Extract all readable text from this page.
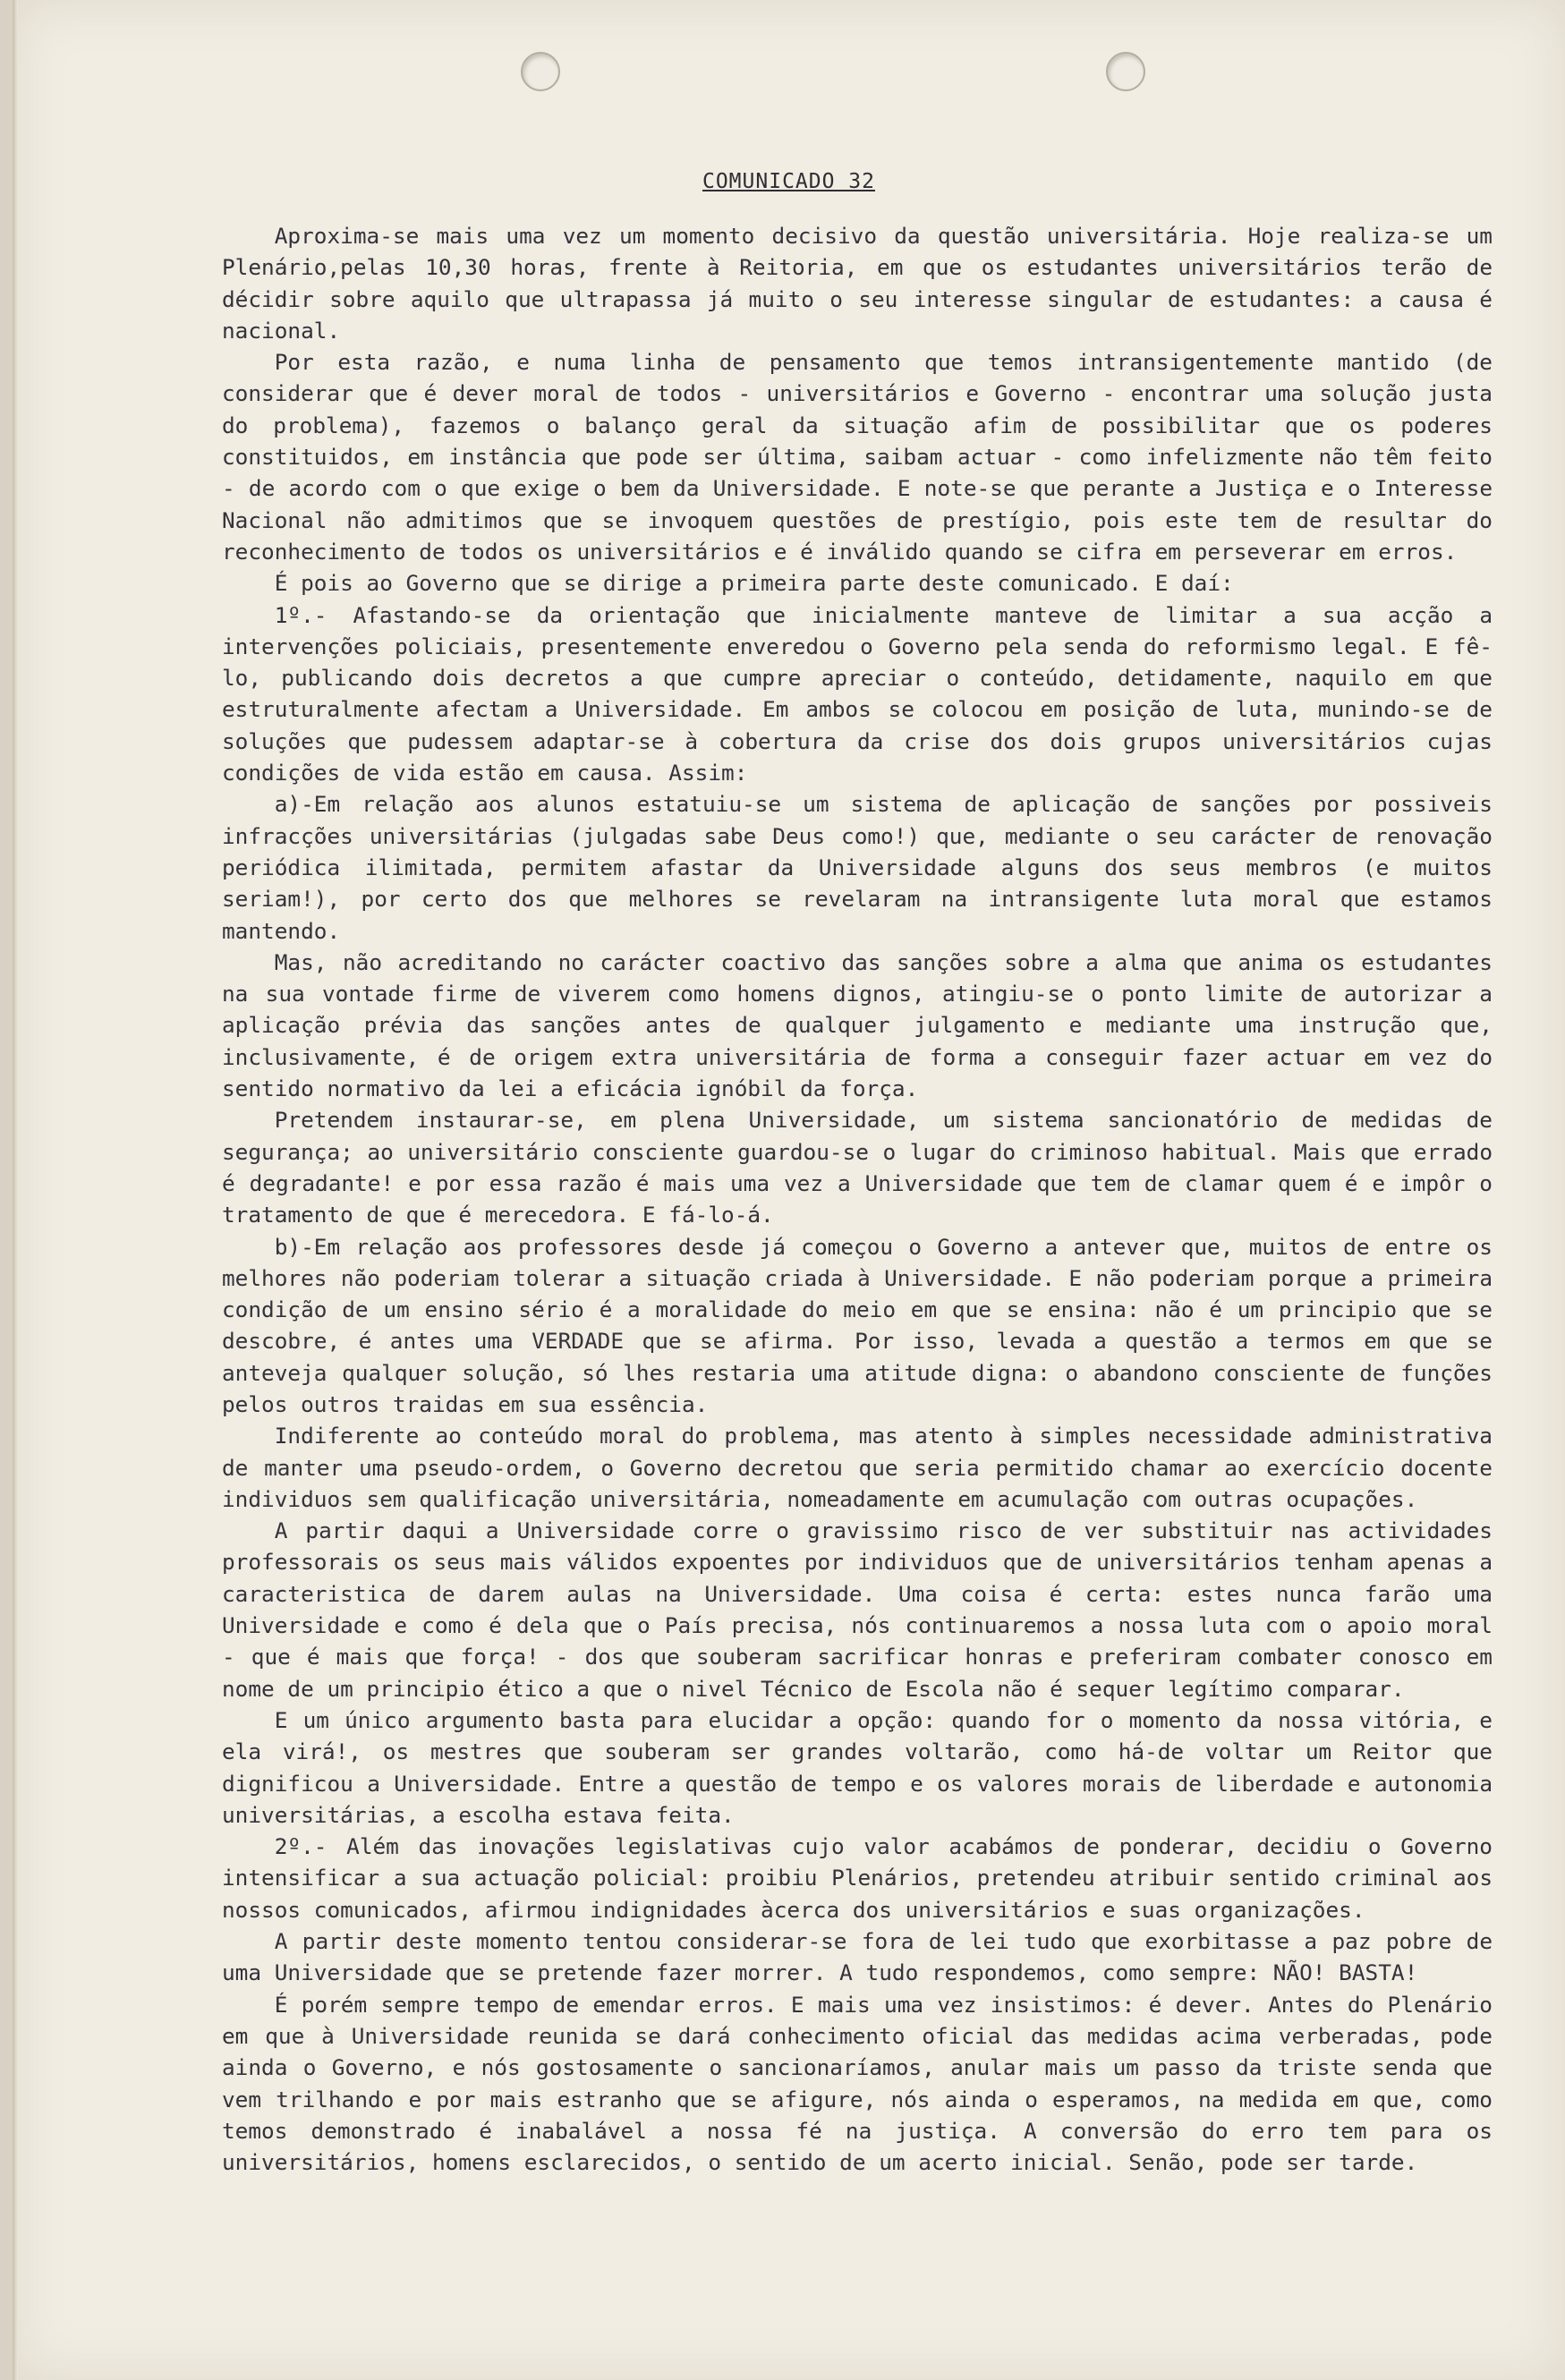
COMUNICADO 32

Aproxima-se mais uma vez um momento decisivo da questão universitária. Hoje realiza-se um Plenário,pelas 10,30 horas, frente à Reitoria, em que os estudantes universitários terão de décidir sobre aquilo que ultrapassa já muito o seu interesse singular de estudantes: a causa é nacional.

Por esta razão, e numa linha de pensamento que temos intransigentemente mantido (de considerar que é dever moral de todos - universitários e Governo - encontrar uma solução justa do problema), fazemos o balanço geral da situação afim de possibilitar que os poderes constituidos, em instância que pode ser última, saibam actuar - como infelizmente não têm feito - de acordo com o que exige o bem da Universidade. E note-se que perante a Justiça e o Interesse Nacional não admitimos que se invoquem questões de prestígio, pois este tem de resultar do reconhecimento de todos os universitários e é inválido quando se cifra em perseverar em erros.

É pois ao Governo que se dirige a primeira parte deste comunicado. E daí:

1º.- Afastando-se da orientação que inicialmente manteve de limitar a sua acção a intervenções policiais, presentemente enveredou o Governo pela senda do reformismo legal. E fê-lo, publicando dois decretos a que cumpre apreciar o conteúdo, detidamente, naquilo em que estruturalmente afectam a Universidade. Em ambos se colocou em posição de luta, munindo-se de soluções que pudessem adaptar-se à cobertura da crise dos dois grupos universitários cujas condições de vida estão em causa. Assim:

a)-Em relação aos alunos estatuiu-se um sistema de aplicação de sanções por possiveis infracções universitárias (julgadas sabe Deus como!) que, mediante o seu carácter de renovação periódica ilimitada, permitem afastar da Universidade alguns dos seus membros (e muitos seriam!), por certo dos que melhores se revelaram na intransigente luta moral que estamos mantendo.

Mas, não acreditando no carácter coactivo das sanções sobre a alma que anima os estudantes na sua vontade firme de viverem como homens dignos, atingiu-se o ponto limite de autorizar a aplicação prévia das sanções antes de qualquer julgamento e mediante uma instrução que, inclusivamente, é de origem extra universitária de forma a conseguir fazer actuar em vez do sentido normativo da lei a eficácia ignóbil da força.

Pretendem instaurar-se, em plena Universidade, um sistema sancionatório de medidas de segurança; ao universitário consciente guardou-se o lugar do criminoso habitual. Mais que errado é degradante! e por essa razão é mais uma vez a Universidade que tem de clamar quem é e impôr o tratamento de que é merecedora. E fá-lo-á.

b)-Em relação aos professores desde já começou o Governo a antever que, muitos de entre os melhores não poderiam tolerar a situação criada à Universidade. E não poderiam porque a primeira condição de um ensino sério é a moralidade do meio em que se ensina: não é um principio que se descobre, é antes uma VERDADE que se afirma. Por isso, levada a questão a termos em que se anteveja qualquer solução, só lhes restaria uma atitude digna: o abandono consciente de funções pelos outros traidas em sua essência.

Indiferente ao conteúdo moral do problema, mas atento à simples necessidade administrativa de manter uma pseudo-ordem, o Governo decretou que seria permitido chamar ao exercício docente individuos sem qualificação universitária, nomeadamente em acumulação com outras ocupações.

A partir daqui a Universidade corre o gravissimo risco de ver substituir nas actividades professorais os seus mais válidos expoentes por individuos que de universitários tenham apenas a caracteristica de darem aulas na Universidade. Uma coisa é certa: estes nunca farão uma Universidade e como é dela que o País precisa, nós continuaremos a nossa luta com o apoio moral - que é mais que força! - dos que souberam sacrificar honras e preferiram combater conosco em nome de um principio ético a que o nivel Técnico de Escola não é sequer legítimo comparar.

E um único argumento basta para elucidar a opção: quando for o momento da nossa vitória, e ela virá!, os mestres que souberam ser grandes voltarão, como há-de voltar um Reitor que dignificou a Universidade. Entre a questão de tempo e os valores morais de liberdade e autonomia universitárias, a escolha estava feita.

2º.- Além das inovações legislativas cujo valor acabámos de ponderar, decidiu o Governo intensificar a sua actuação policial: proibiu Plenários, pretendeu atribuir sentido criminal aos nossos comunicados, afirmou indignidades àcerca dos universitários e suas organizações.

A partir deste momento tentou considerar-se fora de lei tudo que exorbitasse a paz pobre de uma Universidade que se pretende fazer morrer. A tudo respondemos, como sempre: NÃO! BASTA!

É porém sempre tempo de emendar erros. E mais uma vez insistimos: é dever. Antes do Plenário em que à Universidade reunida se dará conhecimento oficial das medidas acima verberadas, pode ainda o Governo, e nós gostosamente o sancionaríamos, anular mais um passo da triste senda que vem trilhando e por mais estranho que se afigure, nós ainda o esperamos, na medida em que, como temos demonstrado é inabalável a nossa fé na justiça. A conversão do erro tem para os universitários, homens esclarecidos, o sentido de um acerto inicial. Senão, pode ser tarde.
